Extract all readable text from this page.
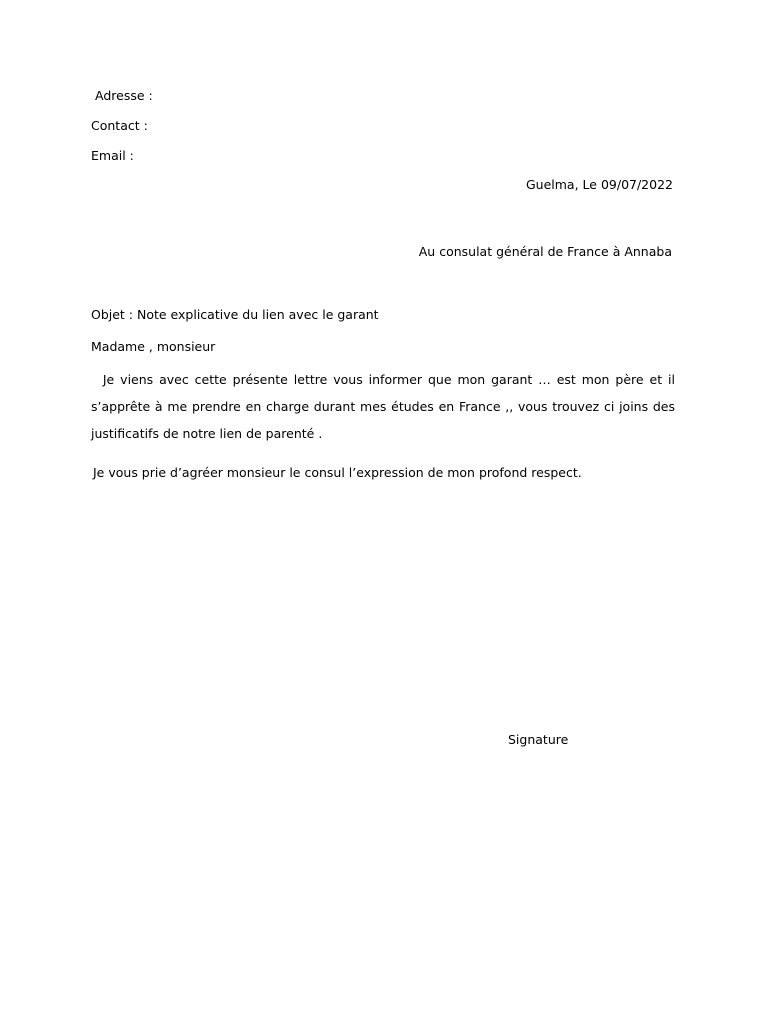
Adresse :
Contact :
Email :
Guelma, Le 09/07/2022
Au consulat général de France à Annaba
Objet : Note explicative du lien avec le garant
Madame , monsieur
Je viens avec cette présente lettre vous informer que mon garant … est mon père et il s’apprête à me prendre en charge durant mes études en France ,, vous trouvez ci joins des justificatifs de notre lien de parenté .
Je vous prie d’agréer monsieur le consul l’expression de mon profond respect.
Signature
